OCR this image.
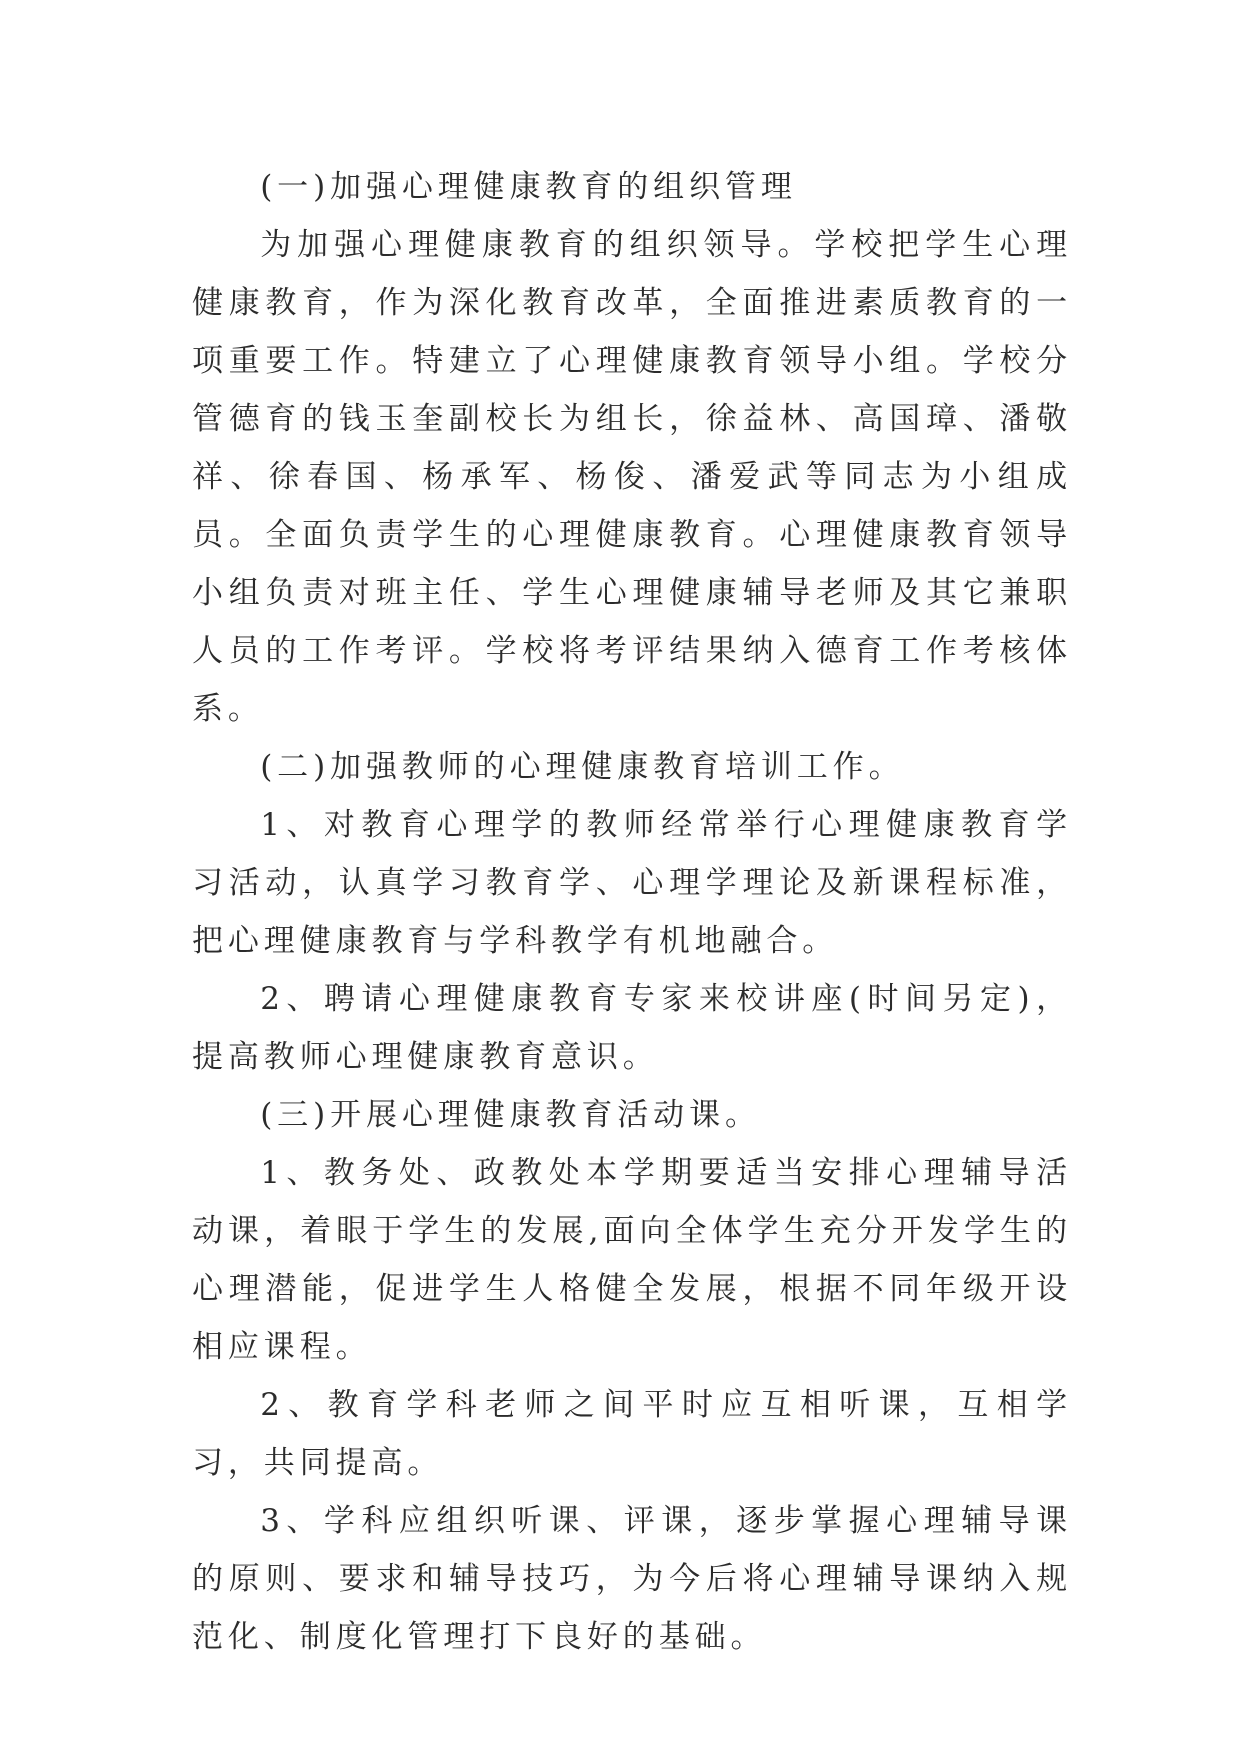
(一)加强心理健康教育的组织管理

为加强心理健康教育的组织领导。学校把学生心理健康教育，作为深化教育改革，全面推进素质教育的一项重要工作。特建立了心理健康教育领导小组。学校分管德育的钱玉奎副校长为组长，徐益林、高国璋、潘敬祥、徐春国、杨承军、杨俊、潘爱武等同志为小组成员。全面负责学生的心理健康教育。心理健康教育领导小组负责对班主任、学生心理健康辅导老师及其它兼职人员的工作考评。学校将考评结果纳入德育工作考核体系。

(二)加强教师的心理健康教育培训工作。

1、对教育心理学的教师经常举行心理健康教育学习活动，认真学习教育学、心理学理论及新课程标准，把心理健康教育与学科教学有机地融合。

2、聘请心理健康教育专家来校讲座(时间另定)，提高教师心理健康教育意识。

(三)开展心理健康教育活动课。

1、教务处、政教处本学期要适当安排心理辅导活动课，着眼于学生的发展,面向全体学生充分开发学生的心理潜能，促进学生人格健全发展，根据不同年级开设相应课程。

2、教育学科老师之间平时应互相听课，互相学习，共同提高。

3、学科应组织听课、评课，逐步掌握心理辅导课的原则、要求和辅导技巧，为今后将心理辅导课纳入规范化、制度化管理打下良好的基础。
